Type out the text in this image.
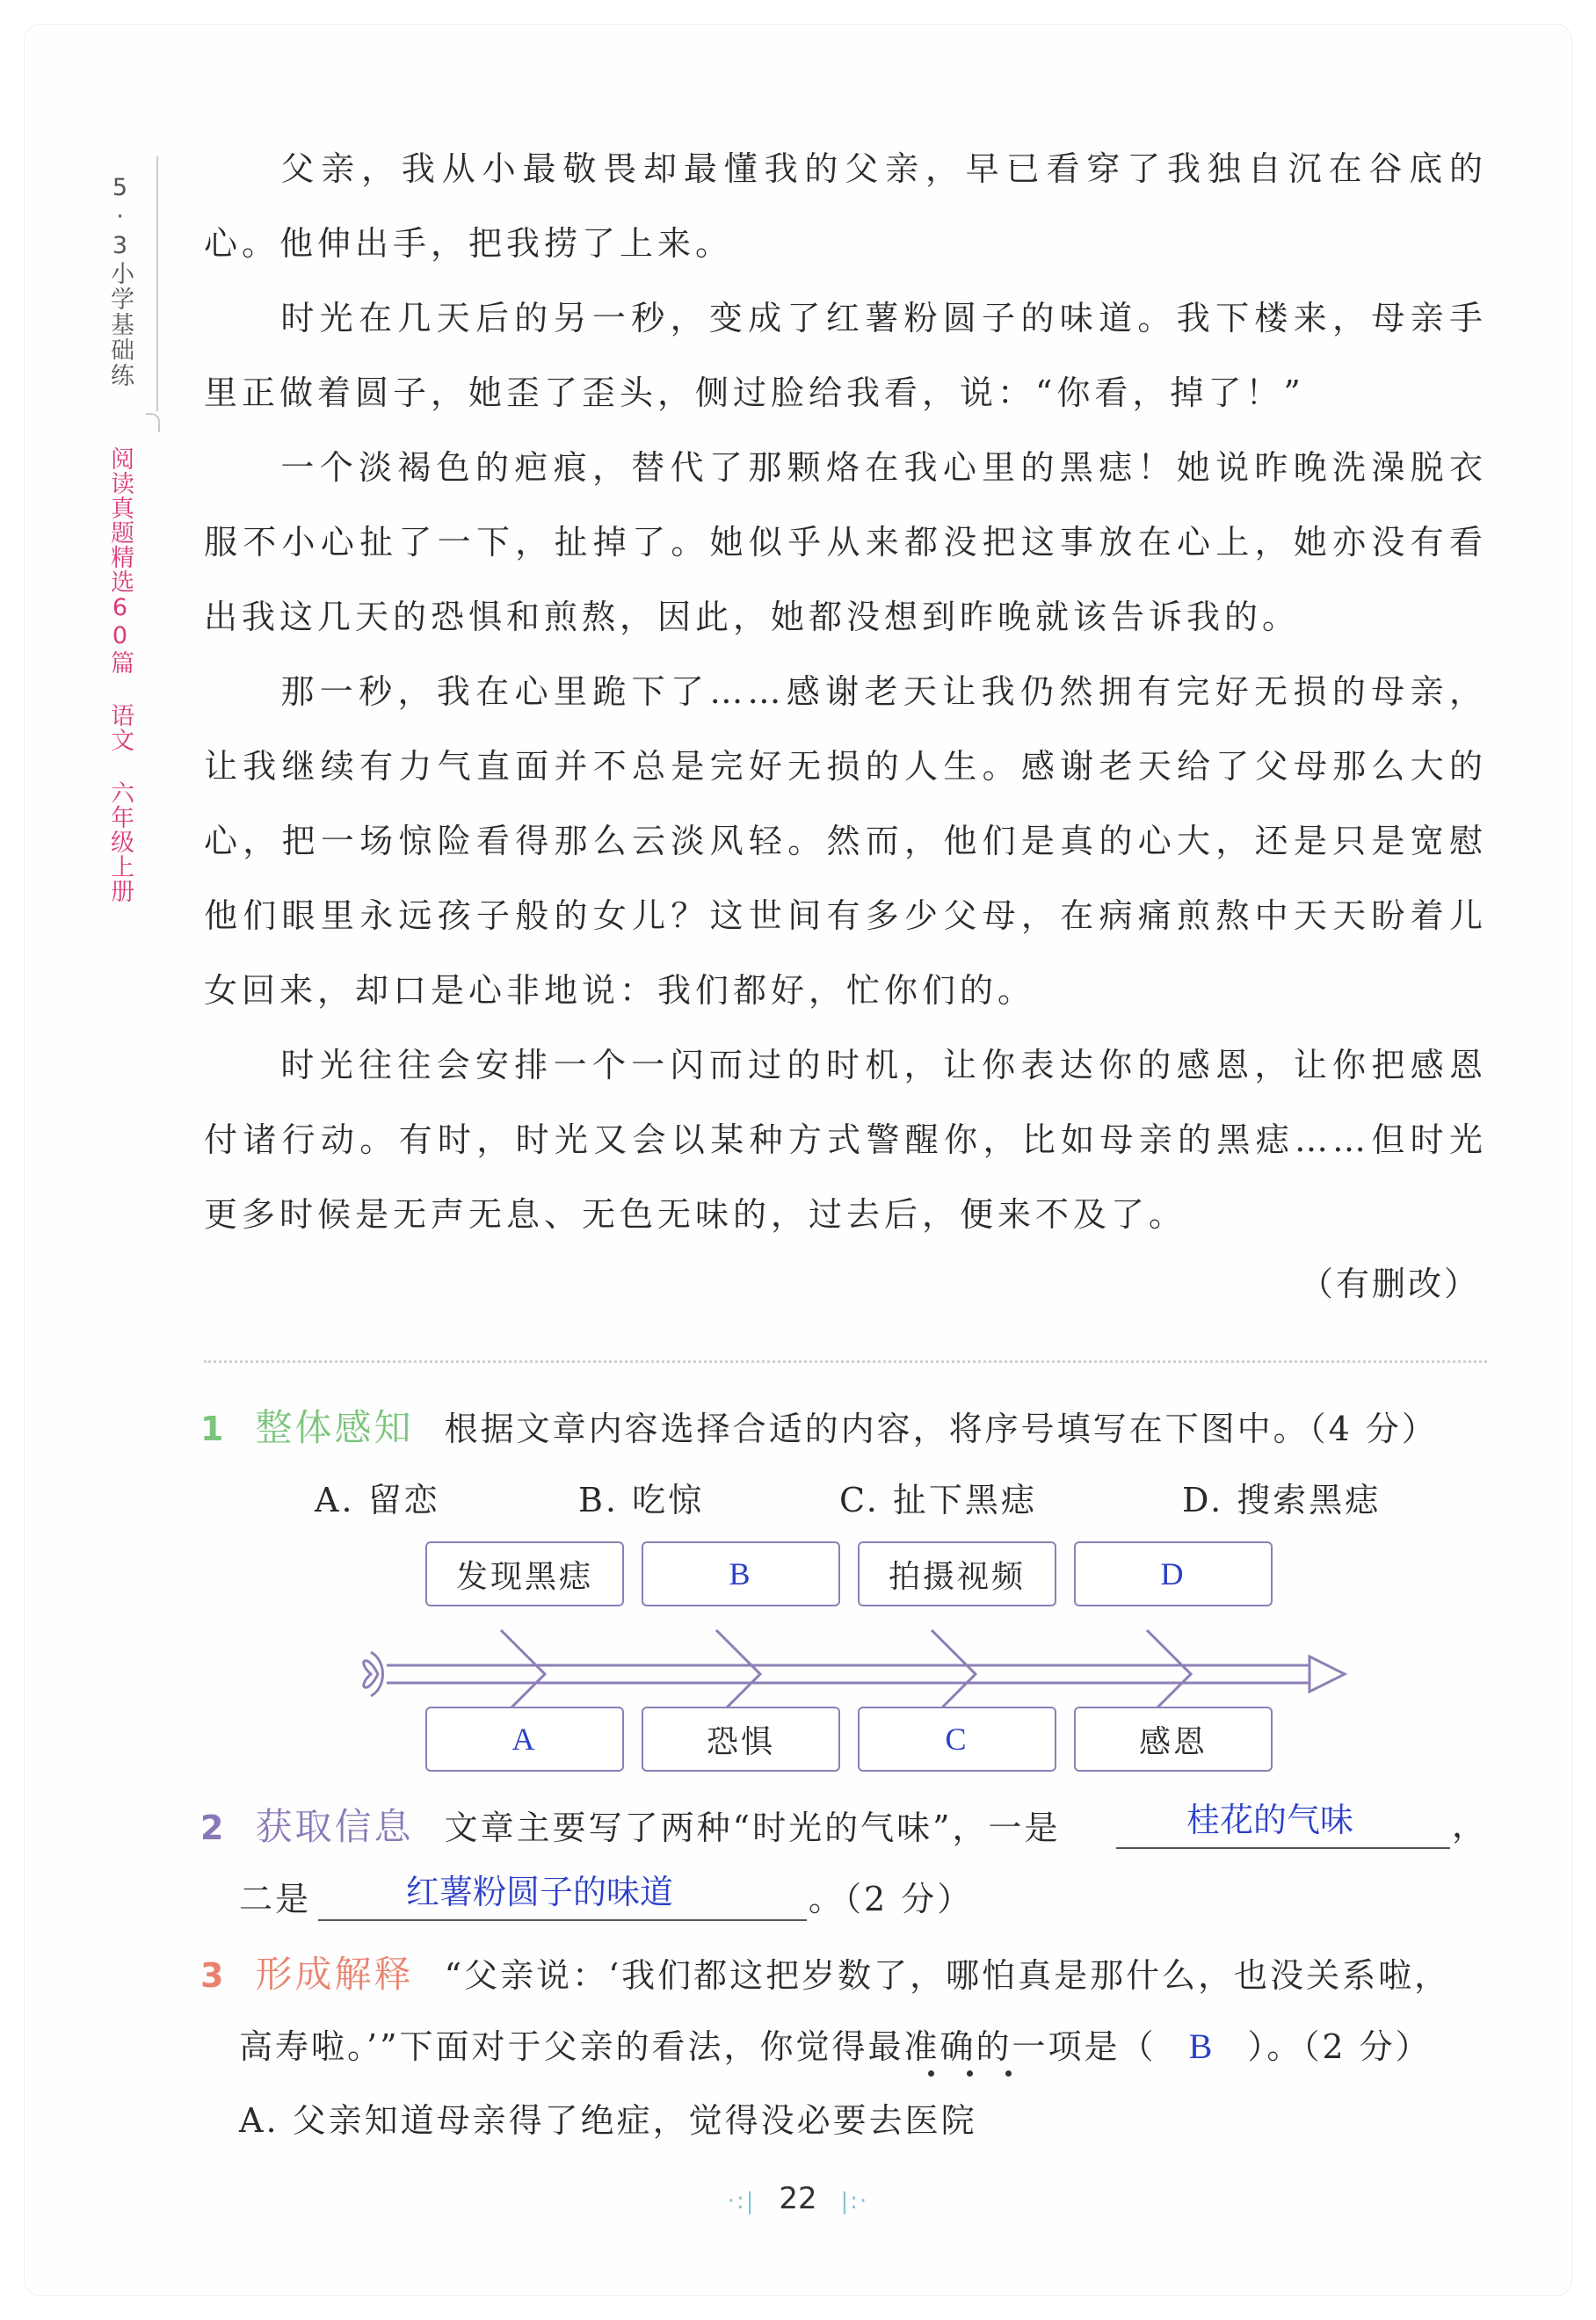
5·3小学基础练
阅读真题精选60篇 语文 六年级上册

父亲，我从小最敬畏却最懂我的父亲，早已看穿了我独自沉在谷底的心。他伸出手，把我捞了上来。

时光在几天后的另一秒，变成了红薯粉圆子的味道。我下楼来，母亲手里正做着圆子，她歪了歪头，侧过脸给我看，说：“你看，掉了！”

一个淡褐色的疤痕，替代了那颗烙在我心里的黑痣！她说昨晚洗澡脱衣服不小心扯了一下，扯掉了。她似乎从来都没把这事放在心上，她亦没有看出我这几天的恐惧和煎熬，因此，她都没想到昨晚就该告诉我的。

那一秒，我在心里跪下了……感谢老天让我仍然拥有完好无损的母亲，让我继续有力气直面并不总是完好无损的人生。感谢老天给了父母那么大的心，把一场惊险看得那么云淡风轻。然而，他们是真的心大，还是只是宽慰他们眼里永远孩子般的女儿？这世间有多少父母，在病痛煎熬中天天盼着儿女回来，却口是心非地说：我们都好，忙你们的。

时光往往会安排一个一闪而过的时机，让你表达你的感恩，让你把感恩付诸行动。有时，时光又会以某种方式警醒你，比如母亲的黑痣……但时光更多时候是无声无息、无色无味的，过去后，便来不及了。

（有删改）
1 整体感知 根据文章内容选择合适的内容，将序号填写在下图中。（4 分）
A. 留恋	B. 吃惊	C. 扯下黑痣	D. 搜索黑痣
发现黑痣	B	拍摄视频	D
A	恐惧	C	感恩
2 获取信息 文章主要写了两种“时光的气味”，一是	桂花的气味	，
二是	红薯粉圆子的味道	。（2 分）
3 形成解释 “父亲说：‘我们都这把岁数了，哪怕真是那什么，也没关系啦，
高寿啦。’”下面对于父亲的看法，你觉得最准确的一项是（ B ）。（2 分）
A. 父亲知道母亲得了绝症，觉得没必要去医院
·:| 22 |:·
